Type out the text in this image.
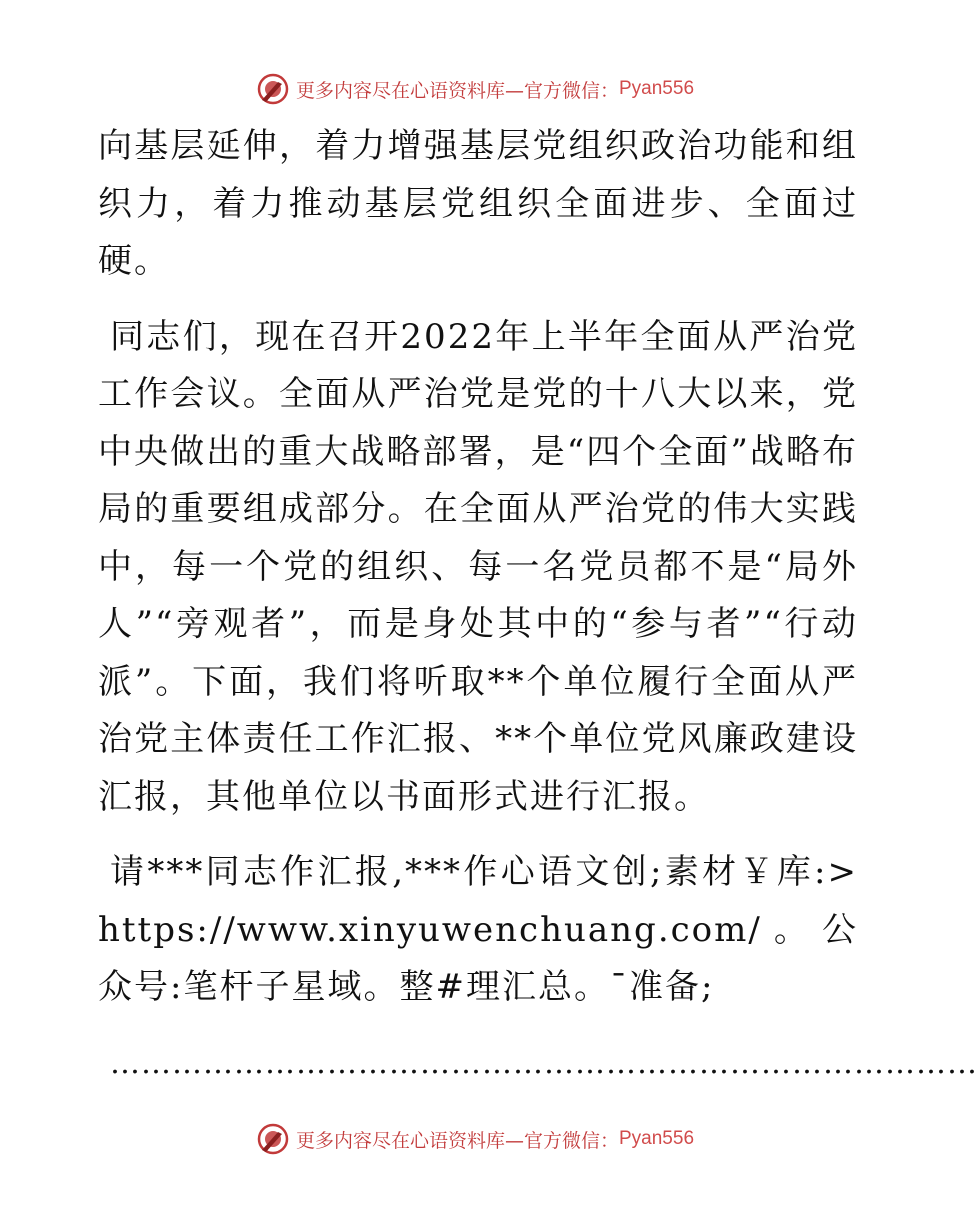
更多内容尽在心语资料库—官方微信： Pyan556

向基层延伸，着力增强基层党组织政治功能和组织力，着力推动基层党组织全面进步、全面过硬。

同志们，现在召开2022年上半年全面从严治党工作会议。全面从严治党是党的十八大以来，党中央做出的重大战略部署，是“四个全面”战略布局的重要组成部分。在全面从严治党的伟大实践中，每一个党的组织、每一名党员都不是“局外人”“旁观者”，而是身处其中的“参与者”“行动派”。下面，我们将听取**个单位履行全面从严治党主体责任工作汇报、**个单位党风廉政建设汇报，其他单位以书面形式进行汇报。

请***同志作汇报,***作心语文创;素材￥库:>https://www.xinyuwenchuang.com/。公众号:笔杆子星域。整#理汇总。¯准备;

…………………………………………………………………………
更多内容尽在心语资料库—官方微信： Pyan556
